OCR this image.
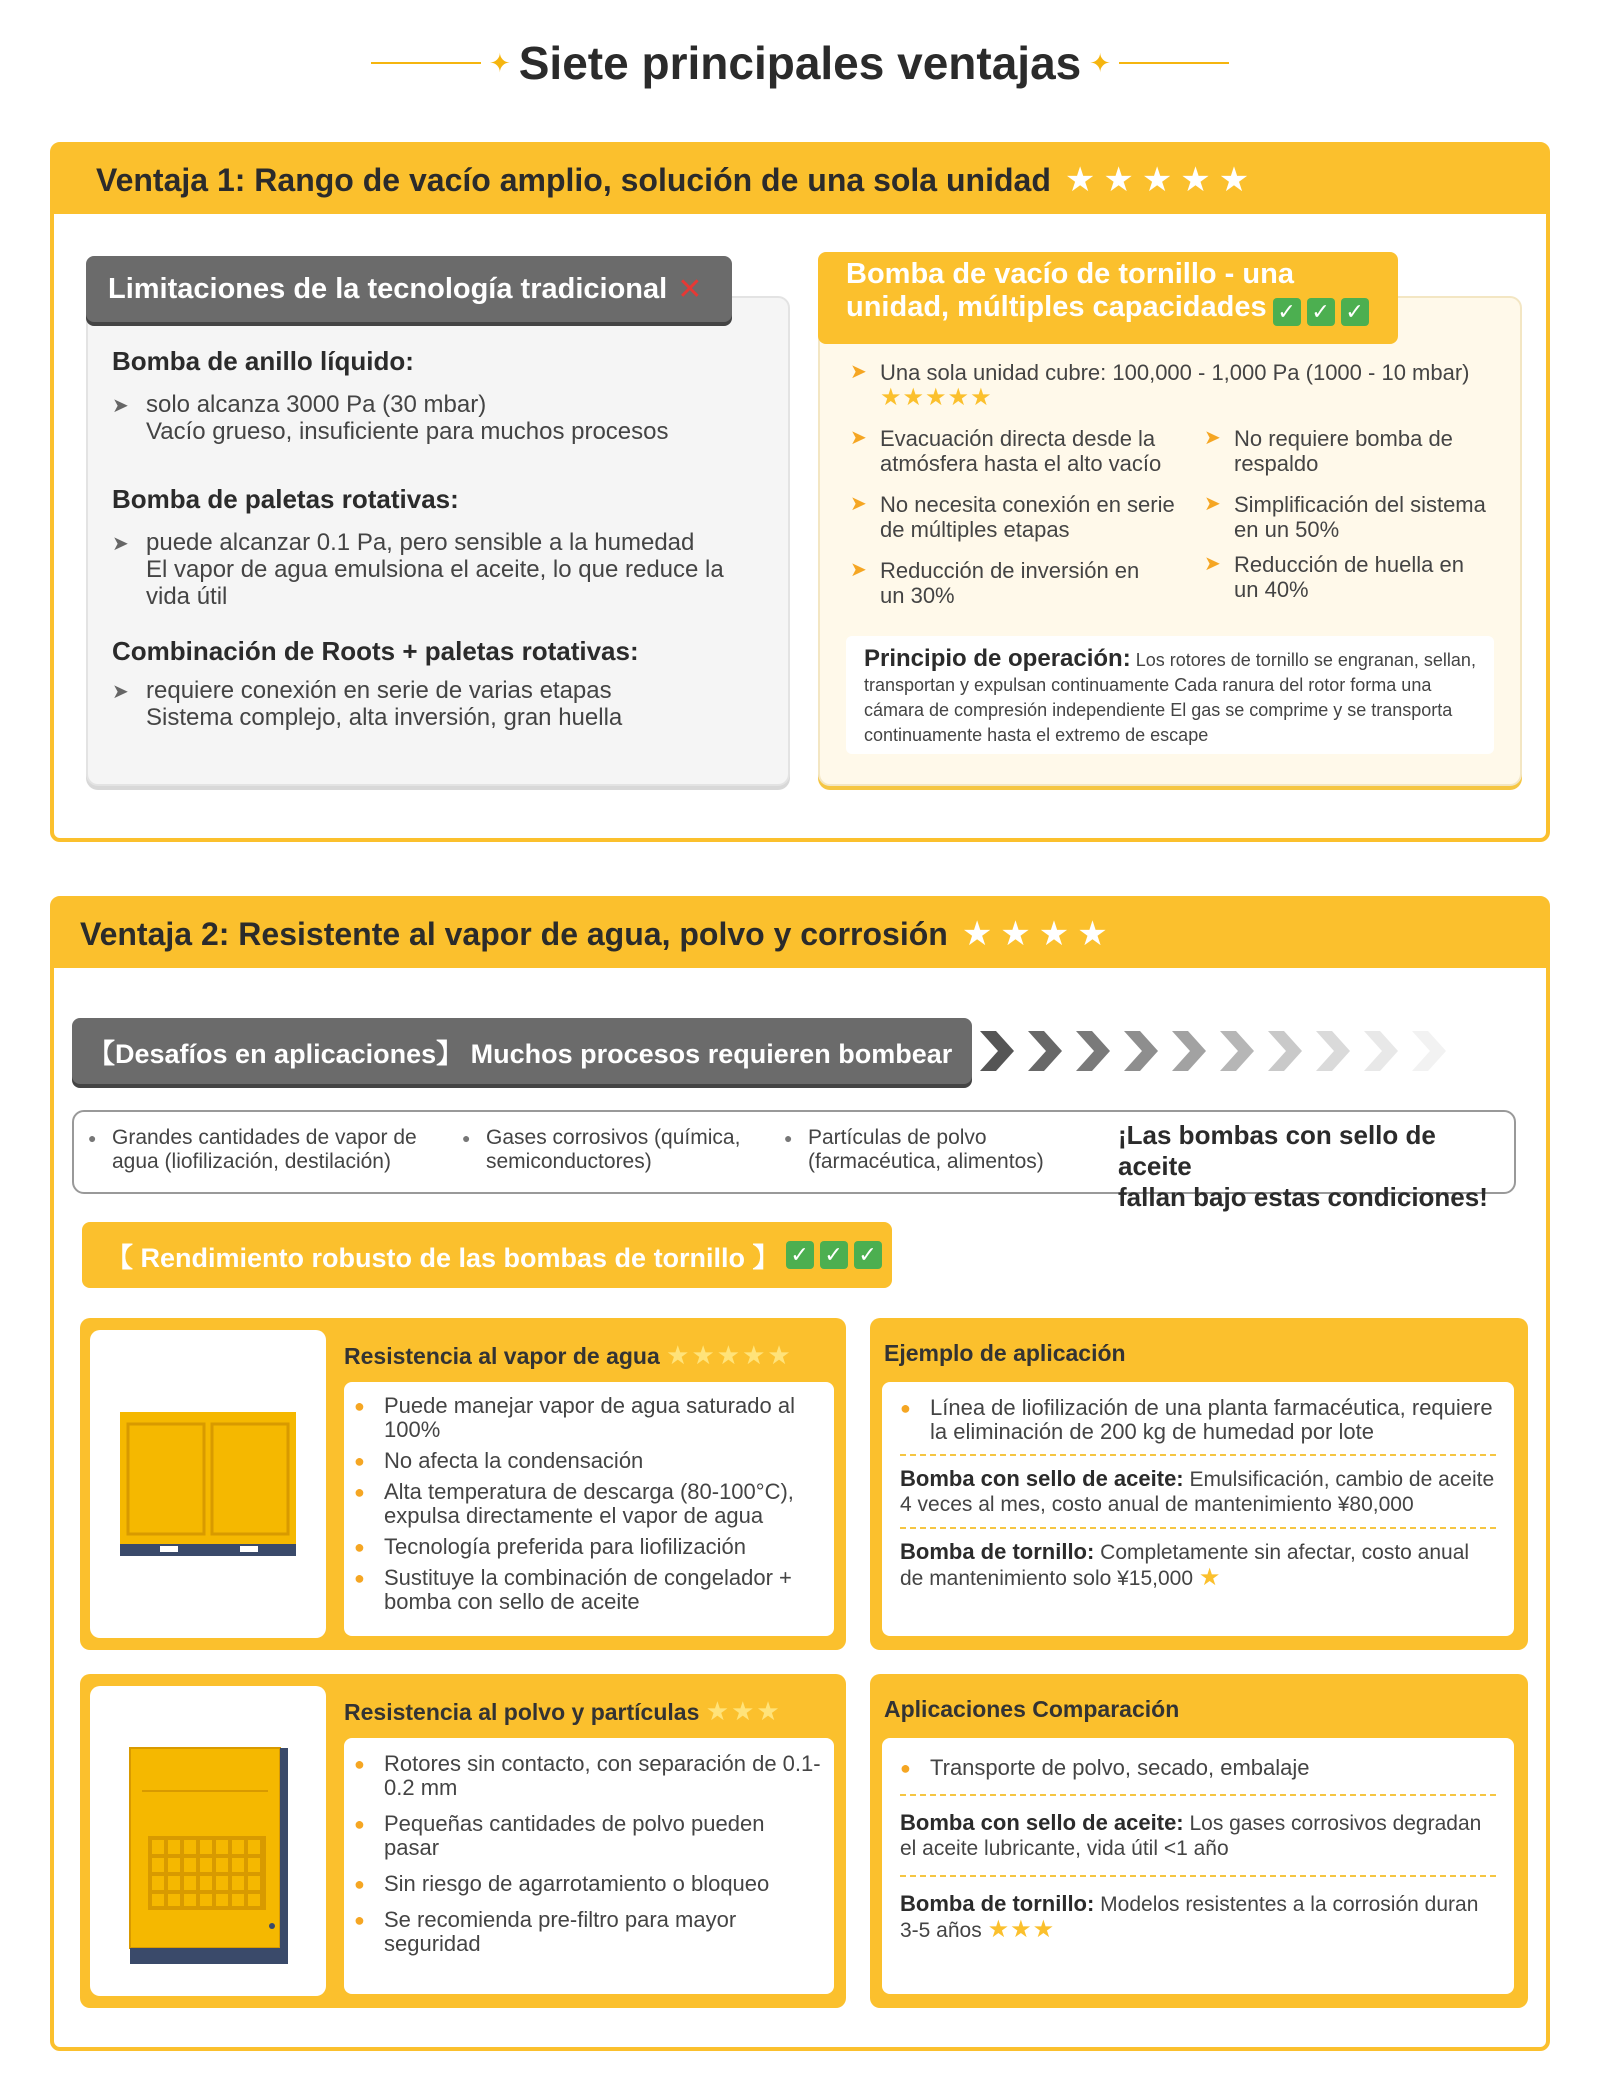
✦ Siete principales ventajas ✦
Ventaja 1: Rango de vacío amplio, solución de una sola unidad ★★★★★
Limitaciones de la tecnología tradicional ✕
Bomba de anillo líquido:
➤ solo alcanza 3000 Pa (30 mbar)
Vacío grueso, insuficiente para muchos procesos
Bomba de paletas rotativas:
➤ puede alcanzar 0.1 Pa, pero sensible a la humedad
El vapor de agua emulsiona el aceite, lo que reduce la vida útil
Combinación de Roots + paletas rotativas:
➤ requiere conexión en serie de varias etapas
Sistema complejo, alta inversión, gran huella
Bomba de vacío de tornillo - una
unidad, múltiples capacidades ✓ ✓ ✓
➤ Una sola unidad cubre: 100,000 - 1,000 Pa (1000 - 10 mbar)
★★★★★
➤ Evacuación directa desde la atmósfera hasta el alto vacío
➤ No requiere bomba de respaldo
➤ No necesita conexión en serie de múltiples etapas
➤ Simplificación del sistema en un 50%
➤ Reducción de inversión en un 30%
➤ Reducción de huella en un 40%
Principio de operación: Los rotores de tornillo se engranan, sellan, transportan y expulsan continuamente Cada ranura del rotor forma una cámara de compresión independiente El gas se comprime y se transporta continuamente hasta el extremo de escape
Ventaja 2: Resistente al vapor de agua, polvo y corrosión ★★★★
【Desafíos en aplicaciones】 Muchos procesos requieren bombear
● Grandes cantidades de vapor de agua (liofilización, destilación)
● Gases corrosivos (química, semiconductores)
● Partículas de polvo (farmacéutica, alimentos)
¡Las bombas con sello de aceite
fallan bajo estas condiciones!
【 Rendimiento robusto de las bombas de tornillo 】 ✓ ✓ ✓
Resistencia al vapor de agua ★★★★★
● Puede manejar vapor de agua saturado al 100%
● No afecta la condensación
● Alta temperatura de descarga (80-100°C), expulsa directamente el vapor de agua
● Tecnología preferida para liofilización
● Sustituye la combinación de congelador + bomba con sello de aceite
Ejemplo de aplicación
● Línea de liofilización de una planta farmacéutica, requiere la eliminación de 200 kg de humedad por lote
Bomba con sello de aceite: Emulsificación, cambio de aceite 4 veces al mes, costo anual de mantenimiento ¥80,000
Bomba de tornillo: Completamente sin afectar, costo anual de mantenimiento solo ¥15,000 ★
Resistencia al polvo y partículas ★★★
● Rotores sin contacto, con separación de 0.1-0.2 mm
● Pequeñas cantidades de polvo pueden pasar
● Sin riesgo de agarrotamiento o bloqueo
● Se recomienda pre-filtro para mayor seguridad
Aplicaciones Comparación
● Transporte de polvo, secado, embalaje
Bomba con sello de aceite: Los gases corrosivos degradan el aceite lubricante, vida útil <1 año
Bomba de tornillo: Modelos resistentes a la corrosión duran 3-5 años ★★★
